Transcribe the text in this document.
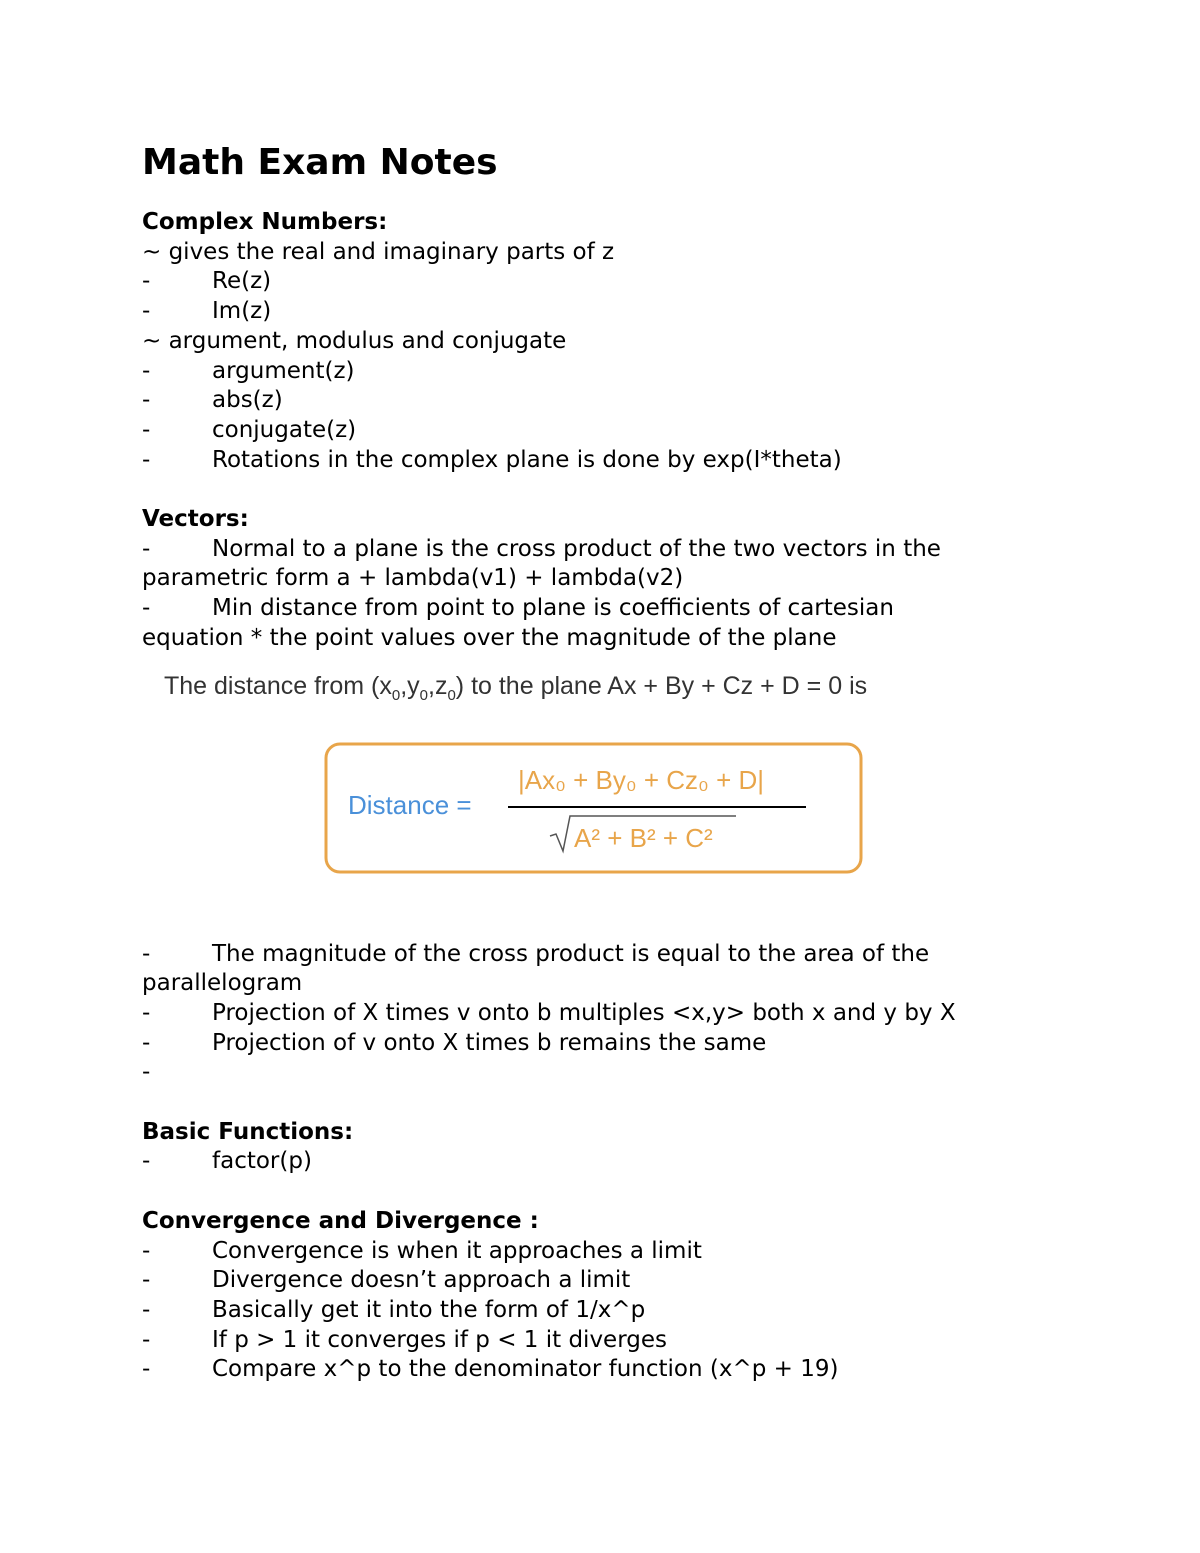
Math Exam Notes

Complex Numbers:

~ gives the real and imaginary parts of z

-	Re(z)
-	Im(z)

~ argument, modulus and conjugate

-	argument(z)
-	abs(z)
-	conjugate(z)
-	Rotations in the complex plane is done by exp(I*theta)

Vectors:

-	Normal to a plane is the cross product of the two vectors in the

parametric form a + lambda(v1) + lambda(v2)

-	Min distance from point to plane is coefficients of cartesian

equation * the point values over the magnitude of the plane

The distance from $(x_0,y_0,z_0)$ to the plane Ax + By + Cz + D = 0 is
Distance =
|Ax₀ + By₀ + Cz₀ + D|
A² + B² + C²
-	The magnitude of the cross product is equal to the area of the

parallelogram

-	Projection of X times v onto b multiples <x,y> both x and y by X
-	Projection of v onto X times b remains the same
-

Basic Functions:

-	factor(p)

Convergence and Divergence :

-	Convergence is when it approaches a limit
-	Divergence doesn’t approach a limit
-	Basically get it into the form of 1/x^p
-	If p > 1 it converges if p < 1 it diverges
-	Compare x^p to the denominator function (x^p + 19)
